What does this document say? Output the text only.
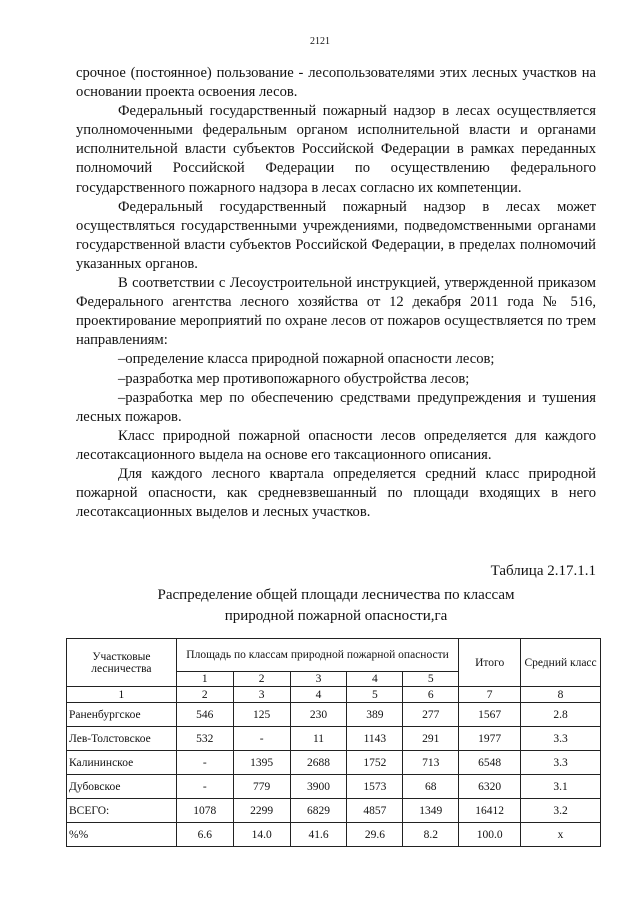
2121

срочное (постоянное) пользование - лесопользователями этих лесных участков на основании проекта освоения лесов.

Федеральный государственный пожарный надзор в лесах осуществляется уполномоченными федеральным органом исполнительной власти и органами исполнительной власти субъектов Российской Федерации в рамках переданных полномочий Российской Федерации по осуществлению федерального государственного пожарного надзора в лесах согласно их компетенции.

Федеральный государственный пожарный надзор в лесах может осуществляться государственными учреждениями, подведомственными органами государственной власти субъектов Российской Федерации, в пределах полномочий указанных органов.

В соответствии с Лесоустроительной инструкцией, утвержденной приказом Федерального агентства лесного хозяйства от 12 декабря 2011 года № 516, проектирование мероприятий по охране лесов от пожаров осуществляется по трем направлениям:

–определение класса природной пожарной опасности лесов;

–разработка мер противопожарного обустройства лесов;

–разработка мер по обеспечению средствами предупреждения и тушения лесных пожаров.

Класс природной пожарной опасности лесов определяется для каждого лесотаксационного выдела на основе его таксационного описания.

Для каждого лесного квартала определяется средний класс природной пожарной опасности, как средневзвешанный по площади входящих в него лесотаксационных выделов и лесных участков.

Таблица 2.17.1.1
Распределение общей площади лесничества по классам
природной пожарной опасности,га
Участковые лесничества	Площадь по классам природной пожарной опасности					Итого	Средний класс
	1	2	3	4	5		
1	2	3	4	5	6	7	8
Раненбургское	546	125	230	389	277	1567	2.8
Лев-Толстовское	532	-	11	1143	291	1977	3.3
Калининское	-	1395	2688	1752	713	6548	3.3
Дубовское	-	779	3900	1573	68	6320	3.1
ВСЕГО:	1078	2299	6829	4857	1349	16412	3.2
%%	6.6	14.0	41.6	29.6	8.2	100.0	x
